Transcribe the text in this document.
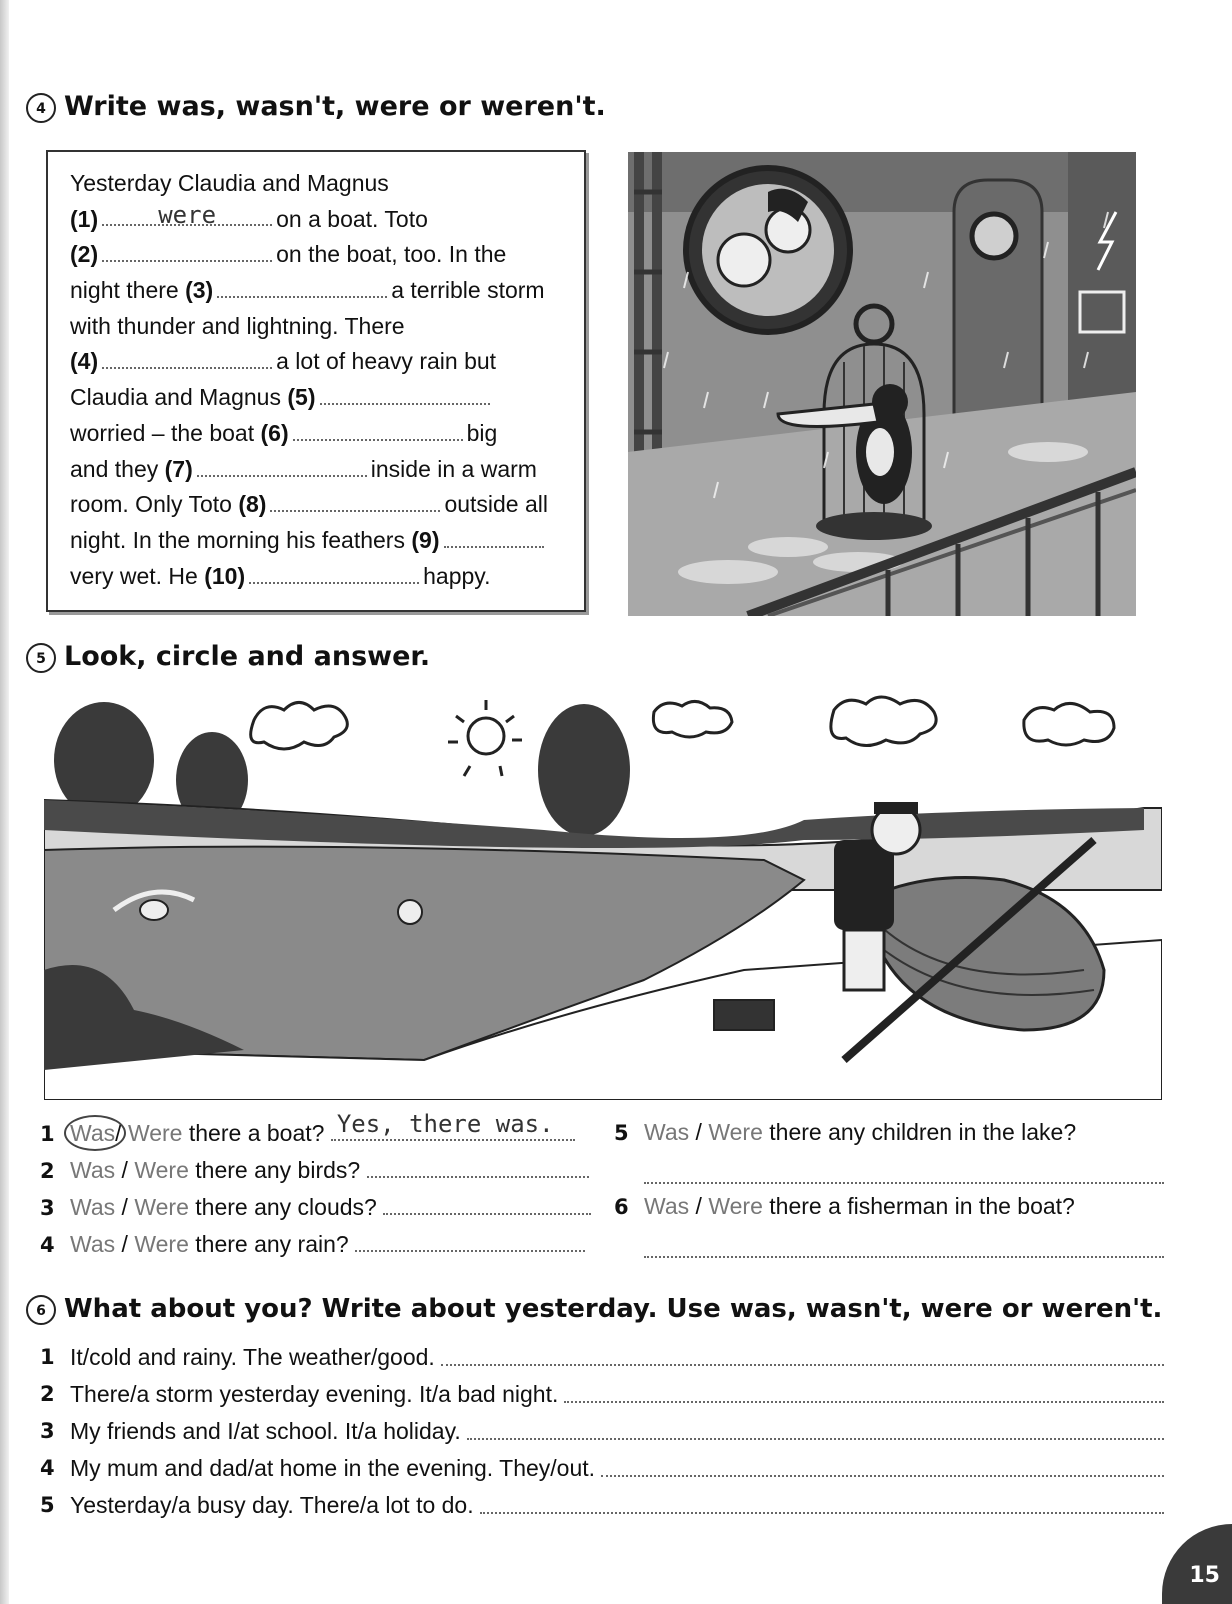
4 Write was, wasn't, were or weren't.
Yesterday Claudia and Magnus
(1)	were	on a boat. Toto
(2)	on the boat, too. In the
night there (3)	a terrible storm
with thunder and lightning. There
(4)	a lot of heavy rain but
Claudia and Magnus (5)
worried – the boat (6)	big
and they (7)	inside in a warm
room. Only Toto (8)	outside all
night. In the morning his feathers (9)
very wet. He (10)	happy.
5 Look, circle and answer.
1 Was
/ Were there a boat? Yes, there was.
2 Was / Were there any birds?
3 Was / Were there any clouds?
4 Was / Were there any rain?
5 Was / Were there any children in the lake?
6 Was / Were there a fisherman in the boat?
6 What about you? Write about yesterday. Use was, wasn't, were or weren't.
1 It/cold and rainy. The weather/good.
2 There/a storm yesterday evening. It/a bad night.
3 My friends and I/at school. It/a holiday.
4 My mum and dad/at home in the evening. They/out.
5 Yesterday/a busy day. There/a lot to do.
15
